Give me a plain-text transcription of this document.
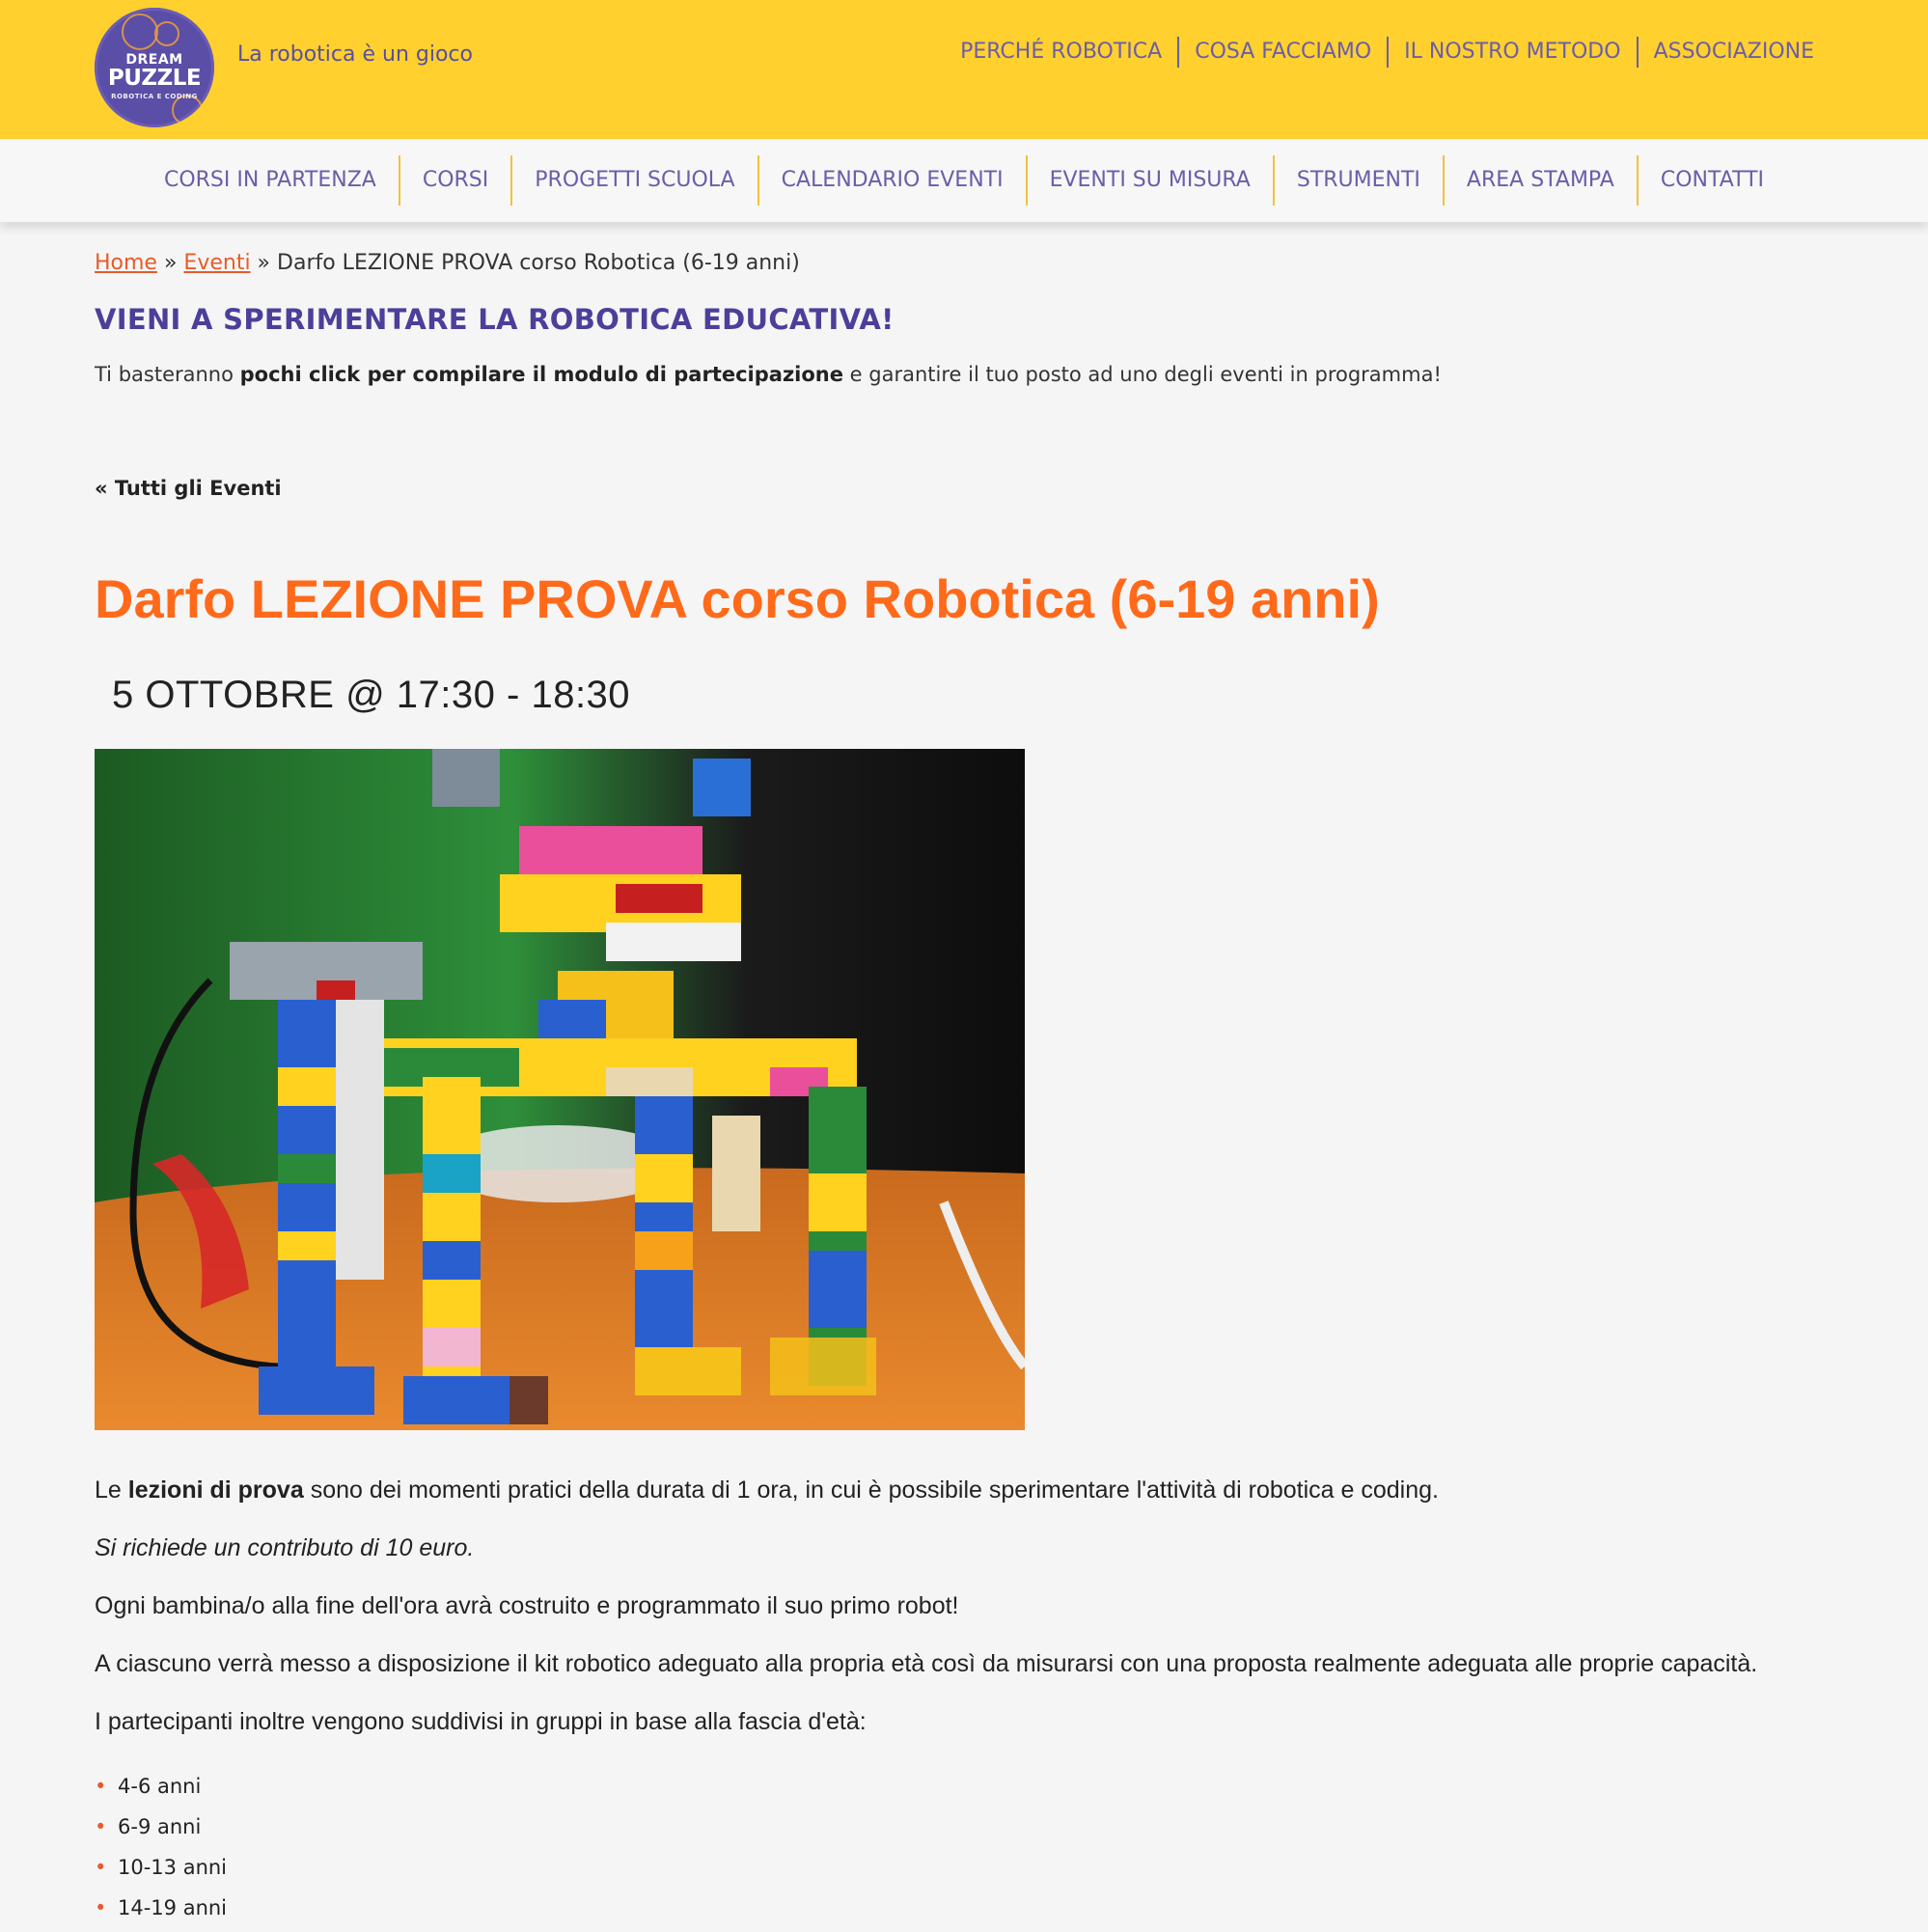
DREAM
PUZZLE
ROBOTICA E CODING
La robotica è un gioco	PERCHÉ ROBOTICA	COSA FACCIAMO	IL NOSTRO METODO	ASSOCIAZIONE
CORSI IN PARTENZA	CORSI	PROGETTI SCUOLA	CALENDARIO EVENTI	EVENTI SU MISURA	STRUMENTI	AREA STAMPA	CONTATTI
Home » Eventi » Darfo LEZIONE PROVA corso Robotica (6-19 anni)
VIENI A SPERIMENTARE LA ROBOTICA EDUCATIVA!
Ti basteranno pochi click per compilare il modulo di partecipazione e garantire il tuo posto ad uno degli eventi in programma!
« Tutti gli Eventi
Darfo LEZIONE PROVA corso Robotica (6-19 anni)
5 OTTOBRE @ 17:30 - 18:30

Le lezioni di prova sono dei momenti pratici della durata di 1 ora, in cui è possibile sperimentare l'attività di robotica e coding.

Si richiede un contributo di 10 euro.

Ogni bambina/o alla fine dell'ora avrà costruito e programmato il suo primo robot!

A ciascuno verrà messo a disposizione il kit robotico adeguato alla propria età così da misurarsi con una proposta realmente adeguata alle proprie capacità.

I partecipanti inoltre vengono suddivisi in gruppi in base alla fascia d'età:

• 4-6 anni
• 6-9 anni
• 10-13 anni
• 14-19 anni
